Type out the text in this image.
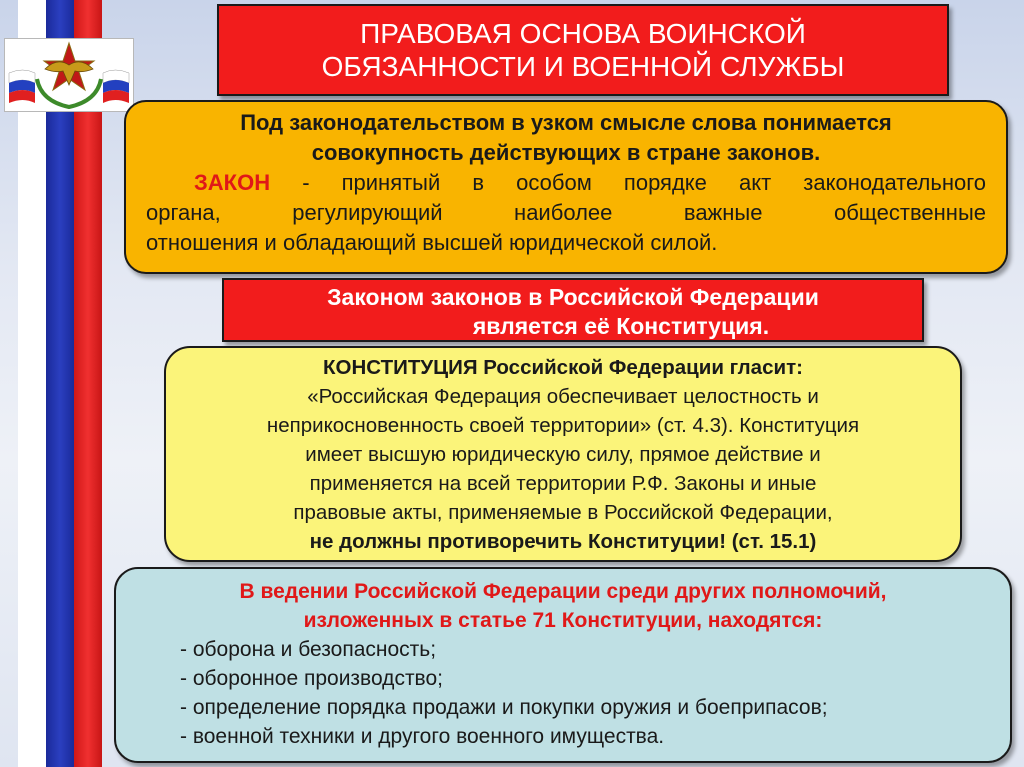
ПРАВОВАЯ ОСНОВА ВОИНСКОЙ
ОБЯЗАННОСТИ И ВОЕННОЙ СЛУЖБЫ
Под законодательством в узком смысле слова понимается
совокупность действующих в стране законов.
ЗАКОН - принятый в особом порядке акт законодательного
органа, регулирующий наиболее важные общественные
отношения и обладающий высшей юридической силой.
Законом законов в Российской Федерации
является её Конституция.
КОНСТИТУЦИЯ Российской Федерации гласит:
«Российская Федерация обеспечивает целостность и
неприкосновенность своей территории» (ст. 4.3). Конституция
имеет высшую юридическую силу, прямое действие и
применяется на всей территории Р.Ф. Законы и иные
правовые акты, применяемые в Российской Федерации,
не должны противоречить Конституции! (ст. 15.1)
В ведении Российской Федерации среди других полномочий,
изложенных в статье 71 Конституции, находятся:
- оборона и безопасность;
- оборонное производство;
- определение порядка продажи и покупки оружия и боеприпасов;
- военной техники и другого военного имущества.
